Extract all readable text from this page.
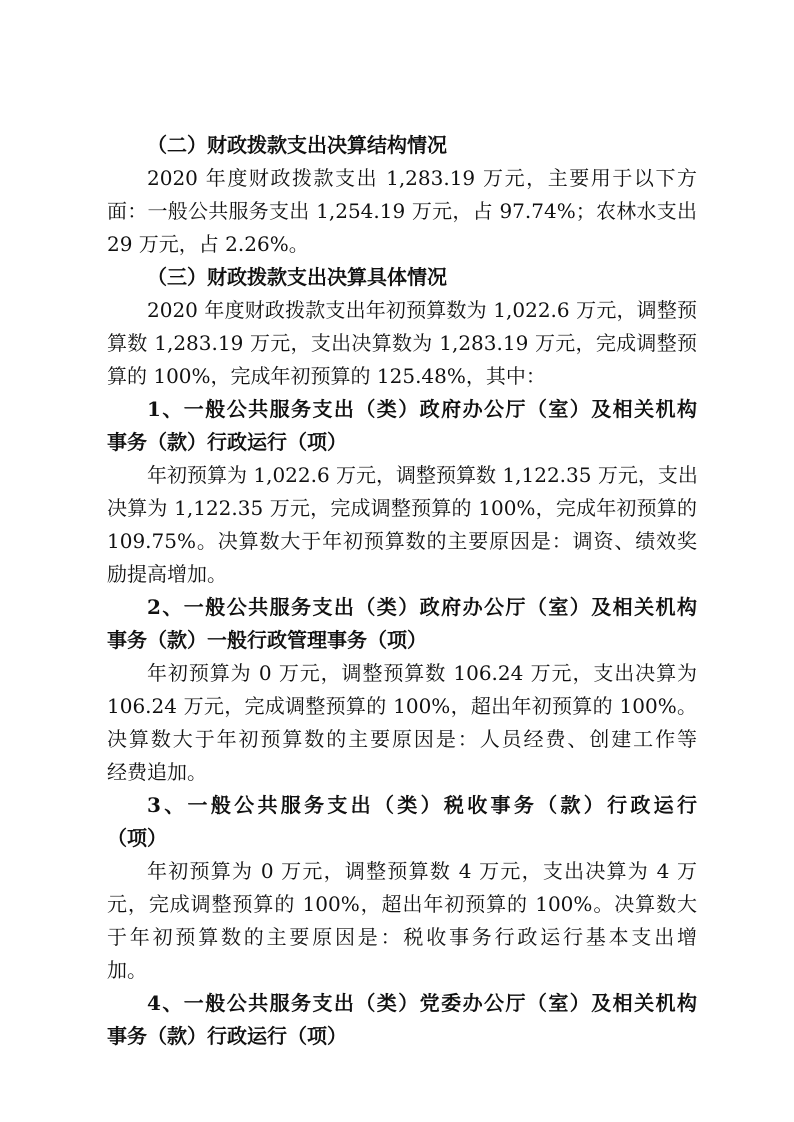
（二）财政拨款支出决算结构情况
2020 年度财政拨款支出 1,283.19 万元，主要用于以下方
面：一般公共服务支出 1,254.19 万元，占 97.74%；农林水支出
29 万元，占 2.26%。
（三）财政拨款支出决算具体情况
2020 年度财政拨款支出年初预算数为 1,022.6 万元，调整预
算数 1,283.19 万元，支出决算数为 1,283.19 万元，完成调整预
算的 100%，完成年初预算的 125.48%，其中：
1、一般公共服务支出（类）政府办公厅（室）及相关机构
事务（款）行政运行（项）
年初预算为 1,022.6 万元，调整预算数 1,122.35 万元，支出
决算为 1,122.35 万元，完成调整预算的 100%，完成年初预算的
109.75%。决算数大于年初预算数的主要原因是：调资、绩效奖
励提高增加。
2、一般公共服务支出（类）政府办公厅（室）及相关机构
事务（款）一般行政管理事务（项）
年初预算为 0 万元，调整预算数 106.24 万元，支出决算为
106.24 万元，完成调整预算的 100%，超出年初预算的 100%。
决算数大于年初预算数的主要原因是：人员经费、创建工作等
经费追加。
3、一般公共服务支出（类）税收事务（款）行政运行
（项）
年初预算为 0 万元，调整预算数 4 万元，支出决算为 4 万
元，完成调整预算的 100%，超出年初预算的 100%。决算数大
于年初预算数的主要原因是：税收事务行政运行基本支出增
加。
4、一般公共服务支出（类）党委办公厅（室）及相关机构
事务（款）行政运行（项）
